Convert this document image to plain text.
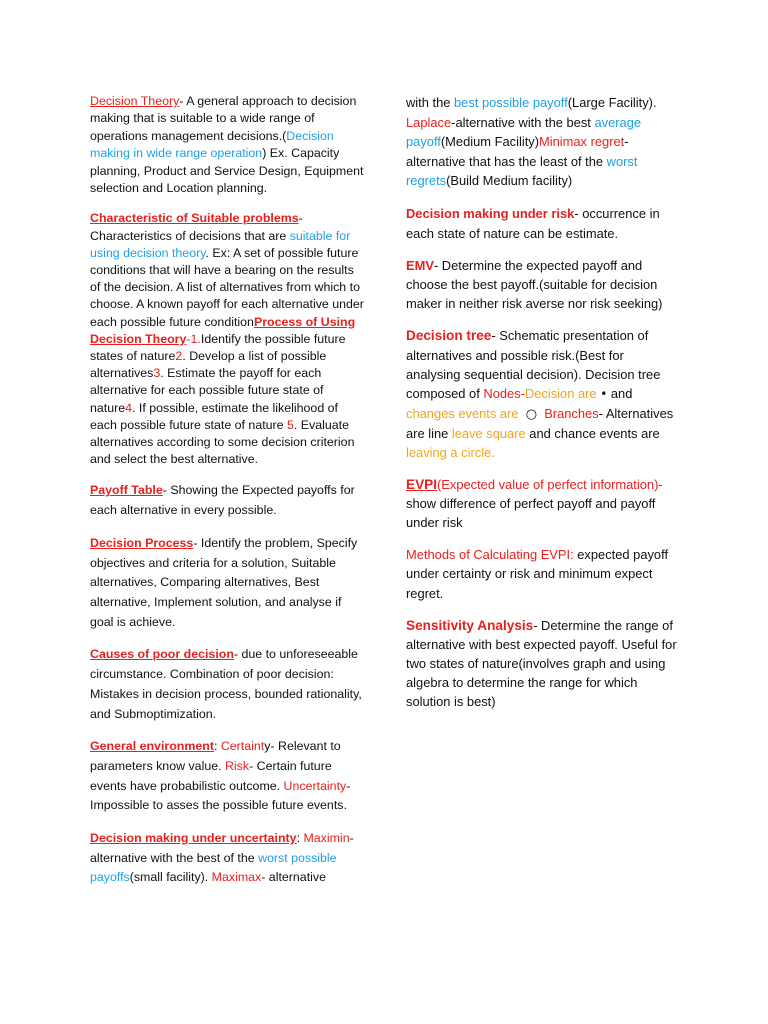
Decision Theory- A general approach to decision making that is suitable to a wide range of operations management decisions.(Decision making in wide range operation) Ex. Capacity planning, Product and Service Design, Equipment selection and Location planning.

Characteristic of Suitable problems- Characteristics of decisions that are suitable for using decision theory. Ex: A set of possible future conditions that will have a bearing on the results of the decision. A list of alternatives from which to choose. A known payoff for each alternative under each possible future conditionProcess of Using Decision Theory-1.Identify the possible future states of nature2. Develop a list of possible alternatives3. Estimate the payoff for each alternative for each possible future state of nature4. If possible, estimate the likelihood of each possible future state of nature 5. Evaluate alternatives according to some decision criterion and select the best alternative.

Payoff Table- Showing the Expected payoffs for each alternative in every possible.

Decision Process- Identify the problem, Specify objectives and criteria for a solution, Suitable alternatives, Comparing alternatives, Best alternative, Implement solution, and analyse if goal is achieve.

Causes of poor decision- due to unforeseeable circumstance. Combination of poor decision: Mistakes in decision process, bounded rationality, and Submoptimization.

General environment: Certainty- Relevant to parameters know value. Risk- Certain future events have probabilistic outcome. Uncertainty- Impossible to asses the possible future events.

Decision making under uncertainty: Maximin- alternative with the best of the worst possible payoffs(small facility). Maximax- alternative

with the best possible payoff(Large Facility). Laplace-alternative with the best average payoff(Medium Facility)Minimax regret- alternative that has the least of the worst regrets(Build Medium facility)

Decision making under risk- occurrence in each state of nature can be estimate.

EMV- Determine the expected payoff and choose the best payoff.(suitable for decision maker in neither risk averse nor risk seeking)

Decision tree- Schematic presentation of alternatives and possible risk.(Best for analysing sequential decision). Decision tree composed of Nodes-Decision are • and changes events are ○ Branches- Alternatives are line leave square and chance events are leaving a circle.

EVPI(Expected value of perfect information)- show difference of perfect payoff and payoff under risk

Methods of Calculating EVPI: expected payoff under certainty or risk and minimum expect regret.

Sensitivity Analysis- Determine the range of alternative with best expected payoff. Useful for two states of nature(involves graph and using algebra to determine the range for which solution is best)
